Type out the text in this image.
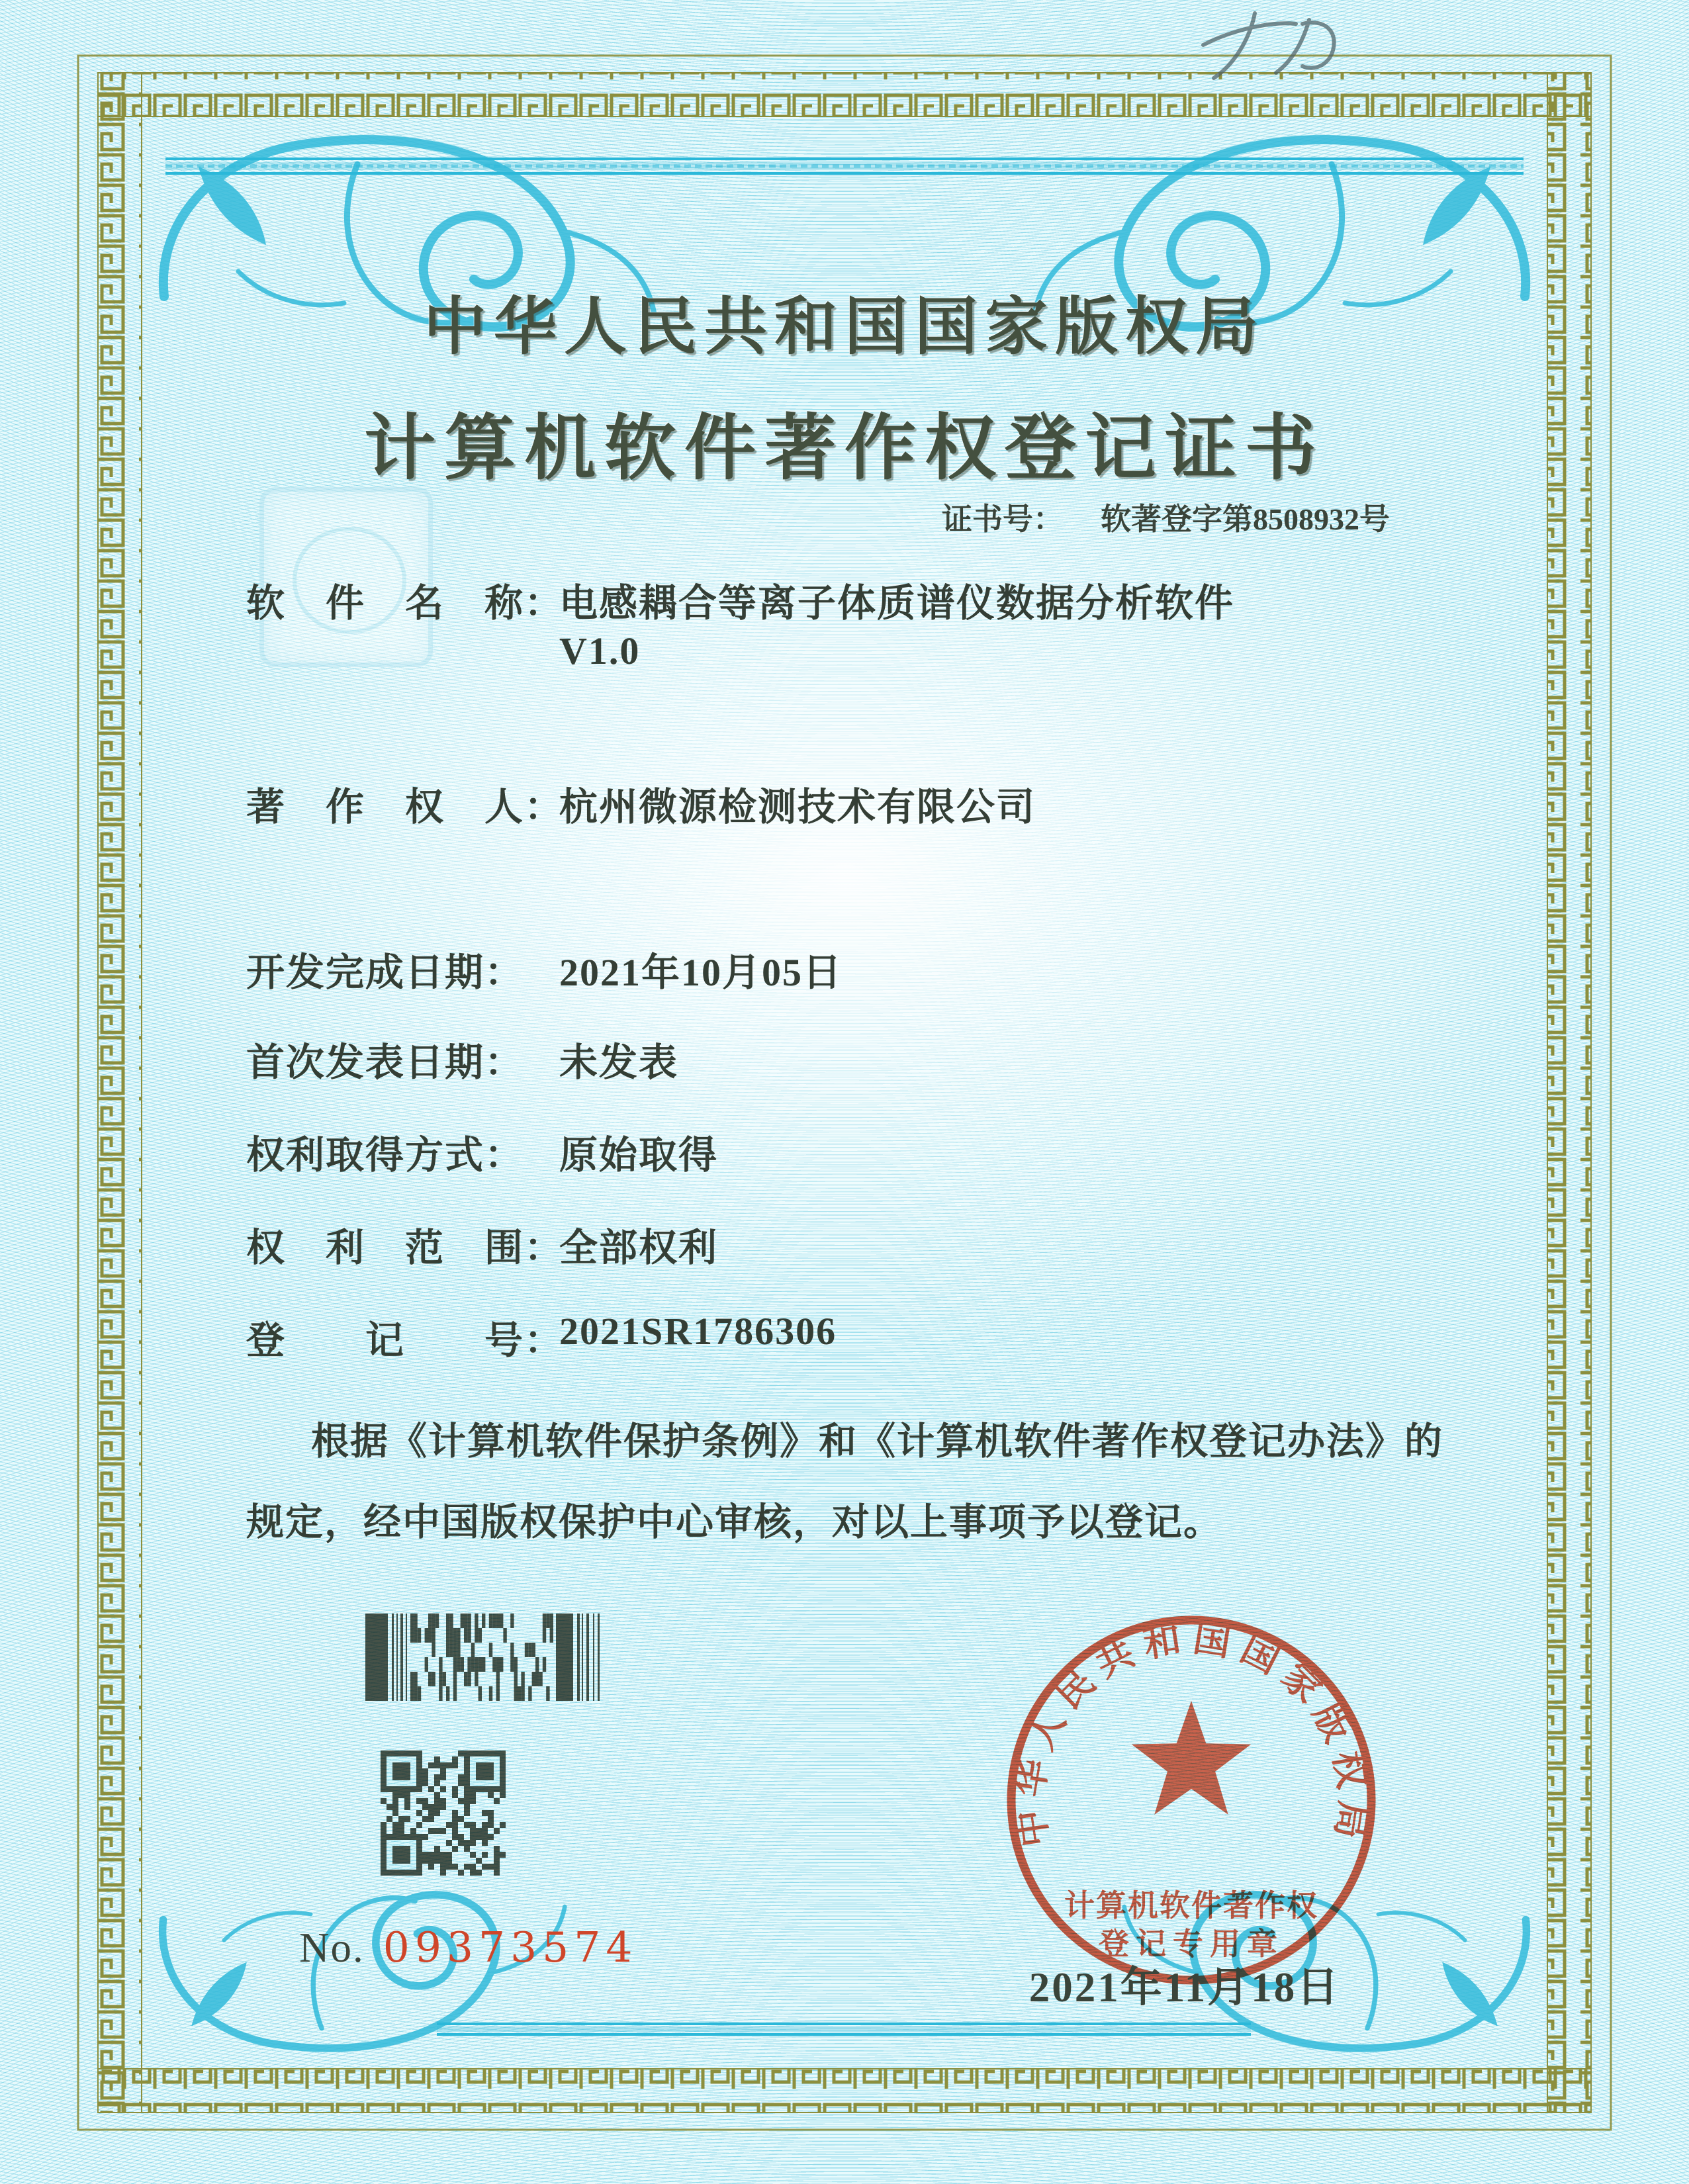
中华人民共和国国家版权局
计算机软件著作权登记证书
证书号： 软著登字第8508932号
软　件　名　称：
电感耦合等离子体质谱仪数据分析软件
V1.0
著　作　权　人：
杭州微源检测技术有限公司
开发完成日期： 2021年10月05日
首次发表日期： 未发表
权利取得方式： 原始取得
权　利　范　围：
全部权利
登　　记　　号：
2021SR1786306
根据《计算机软件保护条例》和《计算机软件著作权登记办法》的
规定，经中国版权保护中心审核，对以上事项予以登记。
No. 09373574
中华人民共和国国家版权局
计算机软件著作权
登记专用章
2021年11月18日
